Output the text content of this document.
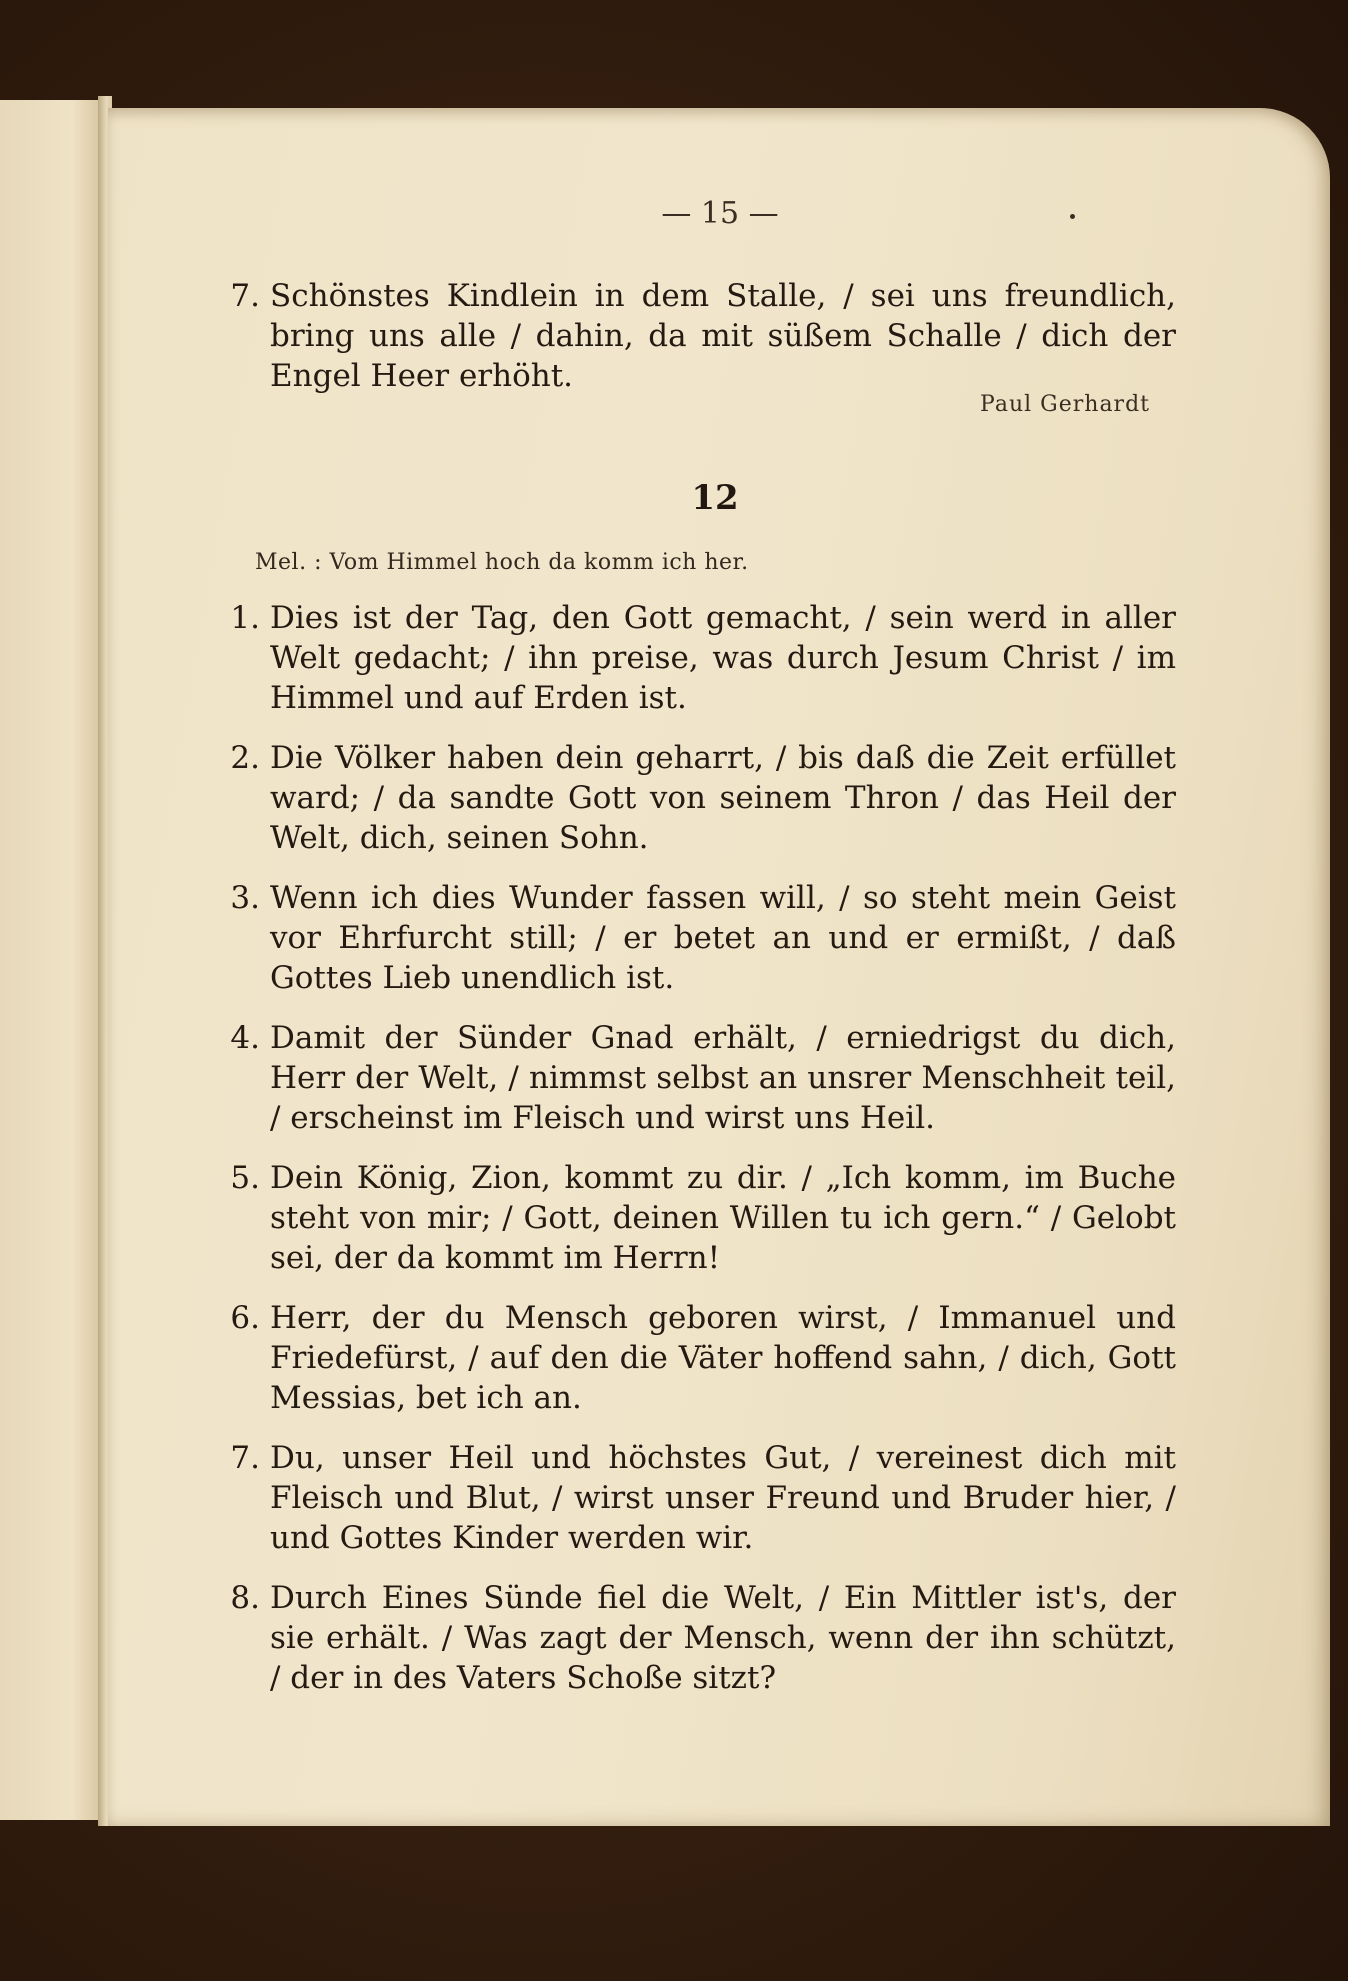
— 15 —
7. Schönstes Kindlein in dem Stalle, / sei uns freundlich, bring uns alle / dahin, da mit süßem Schalle / dich der Engel Heer erhöht.
Paul Gerhardt
12
Mel. : Vom Himmel hoch da komm ich her.
1. Dies ist der Tag, den Gott gemacht, / sein werd in aller Welt gedacht; / ihn preise, was durch Jesum Christ / im Himmel und auf Erden ist.
2. Die Völker haben dein geharrt, / bis daß die Zeit erfüllet ward; / da sandte Gott von seinem Thron / das Heil der Welt, dich, seinen Sohn.
3. Wenn ich dies Wunder fassen will, / so steht mein Geist vor Ehrfurcht still; / er betet an und er ermißt, / daß Gottes Lieb unendlich ist.
4. Damit der Sünder Gnad erhält, / erniedrigst du dich, Herr der Welt, / nimmst selbst an unsrer Menschheit teil, / erscheinst im Fleisch und wirst uns Heil.
5. Dein König, Zion, kommt zu dir. / „Ich komm, im Buche steht von mir; / Gott, deinen Willen tu ich gern.“ / Gelobt sei, der da kommt im Herrn!
6. Herr, der du Mensch geboren wirst, / Immanuel und Friedefürst, / auf den die Väter hoffend sahn, / dich, Gott Messias, bet ich an.
7. Du, unser Heil und höchstes Gut, / vereinest dich mit Fleisch und Blut, / wirst unser Freund und Bruder hier, / und Gottes Kinder werden wir.
8. Durch Eines Sünde fiel die Welt, / Ein Mittler ist's, der sie erhält. / Was zagt der Mensch, wenn der ihn schützt, / der in des Vaters Schoße sitzt?
